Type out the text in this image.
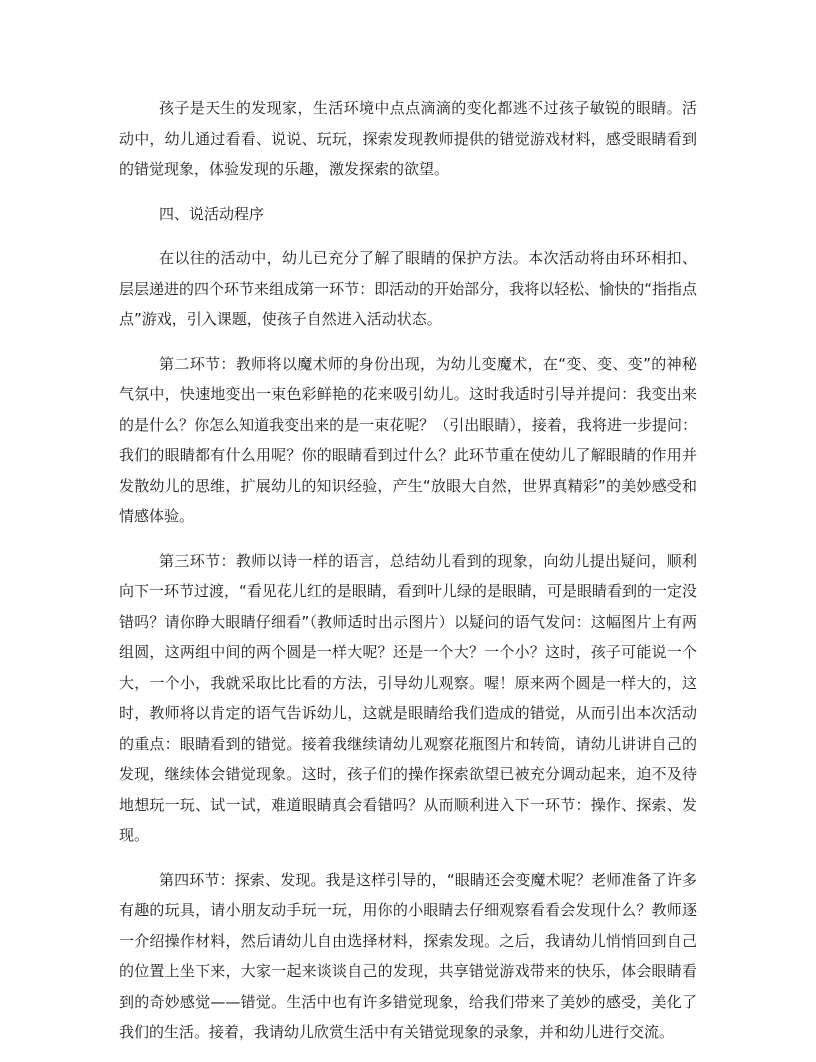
孩子是天生的发现家，生活环境中点点滴滴的变化都逃不过孩子敏锐的眼睛。活动中，幼儿通过看看、说说、玩玩，探索发现教师提供的错觉游戏材料，感受眼睛看到的错觉现象，体验发现的乐趣，激发探索的欲望。

四、说活动程序

在以往的活动中，幼儿已充分了解了眼睛的保护方法。本次活动将由环环相扣、层层递进的四个环节来组成第一环节：即活动的开始部分，我将以轻松、愉快的“指指点点”游戏，引入课题，使孩子自然进入活动状态。

第二环节：教师将以魔术师的身份出现，为幼儿变魔术，在“变、变、变”的神秘气氛中，快速地变出一束色彩鲜艳的花来吸引幼儿。这时我适时引导并提问：我变出来的是什么？你怎么知道我变出来的是一束花呢？（引出眼睛），接着，我将进一步提问：我们的眼睛都有什么用呢？你的眼睛看到过什么？此环节重在使幼儿了解眼睛的作用并发散幼儿的思维，扩展幼儿的知识经验，产生“放眼大自然，世界真精彩”的美妙感受和情感体验。

第三环节：教师以诗一样的语言，总结幼儿看到的现象，向幼儿提出疑问，顺利向下一环节过渡，“看见花儿红的是眼睛，看到叶儿绿的是眼睛，可是眼睛看到的一定没错吗？请你睁大眼睛仔细看”（教师适时出示图片）以疑问的语气发问：这幅图片上有两组圆，这两组中间的两个圆是一样大呢？还是一个大？一个小？这时，孩子可能说一个大，一个小，我就采取比比看的方法，引导幼儿观察。喔！原来两个圆是一样大的，这时，教师将以肯定的语气告诉幼儿，这就是眼睛给我们造成的错觉，从而引出本次活动的重点：眼睛看到的错觉。接着我继续请幼儿观察花瓶图片和转筒，请幼儿讲讲自己的发现，继续体会错觉现象。这时，孩子们的操作探索欲望已被充分调动起来，迫不及待地想玩一玩、试一试，难道眼睛真会看错吗？从而顺利进入下一环节：操作、探索、发现。

第四环节：探索、发现。我是这样引导的，“眼睛还会变魔术呢？老师准备了许多有趣的玩具，请小朋友动手玩一玩，用你的小眼睛去仔细观察看看会发现什么？教师逐一介绍操作材料，然后请幼儿自由选择材料，探索发现。之后，我请幼儿悄悄回到自己的位置上坐下来，大家一起来谈谈自己的发现，共享错觉游戏带来的快乐，体会眼睛看到的奇妙感觉——错觉。生活中也有许多错觉现象，给我们带来了美妙的感受，美化了我们的生活。接着，我请幼儿欣赏生活中有关错觉现象的录象，并和幼儿进行交流。
